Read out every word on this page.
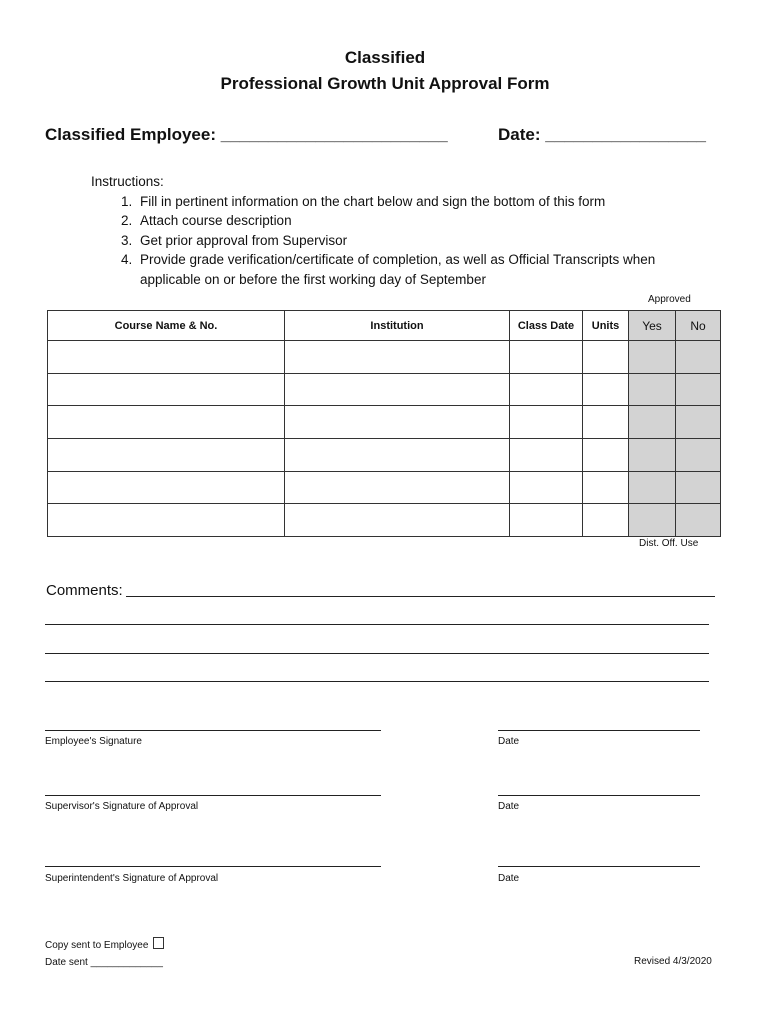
Classified
Professional Growth Unit Approval Form
Classified Employee: ________________________	Date: _________________
Instructions:
1. Fill in pertinent information on the chart below and sign the bottom of this form
2. Attach course description
3. Get prior approval from Supervisor
4. Provide grade verification/certificate of completion, as well as Official Transcripts when applicable on or before the first working day of September
Approved
Course Name & No.	Institution	Class Date	Units	Yes	No

Dist. Off. Use
Comments:
Employee's Signature	Date
Supervisor's Signature of Approval	Date
Superintendent's Signature of Approval	Date
Copy sent to Employee
Date sent _____________	Revised 4/3/2020
